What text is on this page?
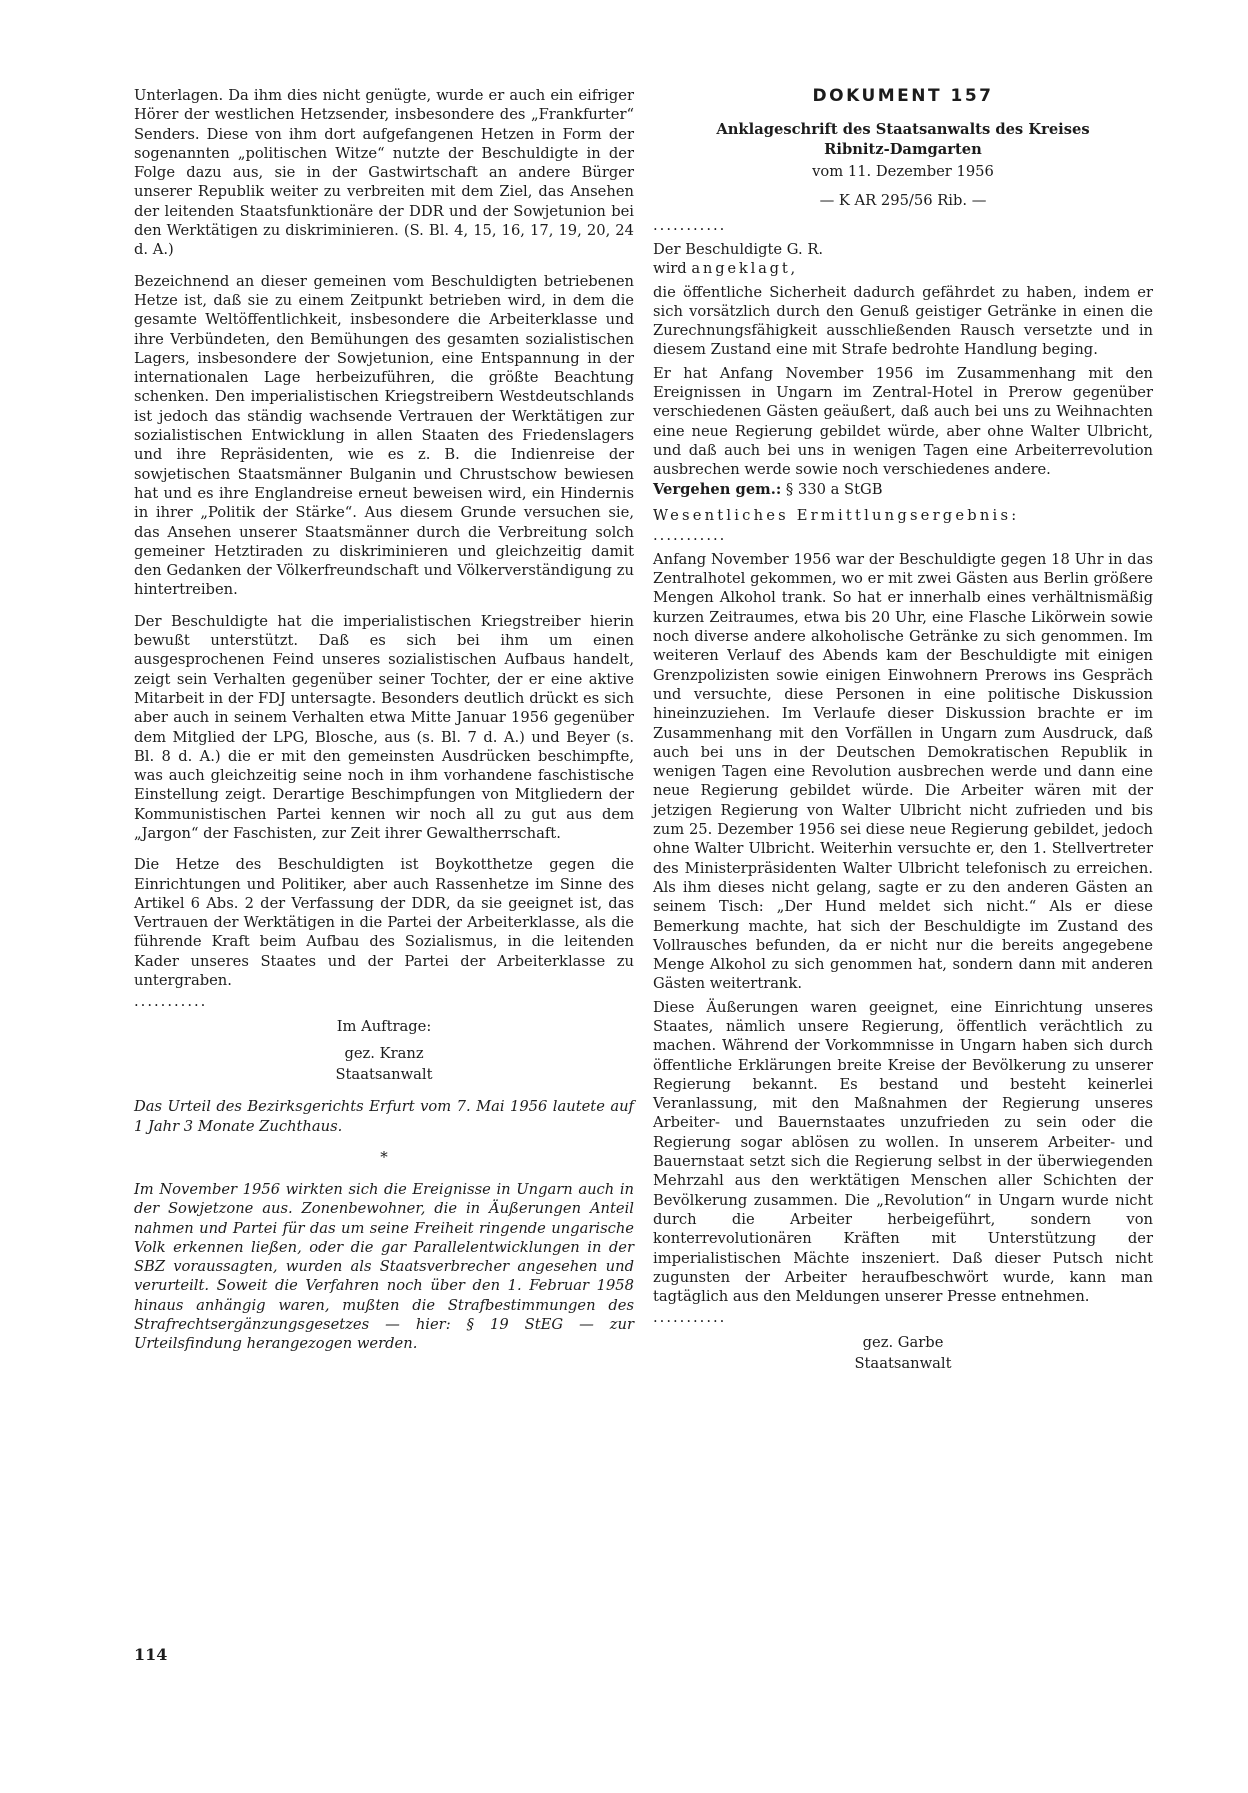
Unterlagen. Da ihm dies nicht genügte, wurde er auch ein eifriger Hörer der westlichen Hetzsender, insbesondere des „Frankfurter“ Senders. Diese von ihm dort aufgefangenen Hetzen in Form der sogenannten „politischen Witze“ nutzte der Beschuldigte in der Folge dazu aus, sie in der Gastwirtschaft an andere Bürger unserer Republik weiter zu verbreiten mit dem Ziel, das Ansehen der leitenden Staatsfunktionäre der DDR und der Sowjetunion bei den Werktätigen zu diskriminieren. (S. Bl. 4, 15, 16, 17, 19, 20, 24 d. A.)

Bezeichnend an dieser gemeinen vom Beschuldigten betriebenen Hetze ist, daß sie zu einem Zeitpunkt betrieben wird, in dem die gesamte Weltöffentlichkeit, insbesondere die Arbeiterklasse und ihre Verbündeten, den Bemühungen des gesamten sozialistischen Lagers, insbesondere der Sowjetunion, eine Entspannung in der internationalen Lage herbeizuführen, die größte Beachtung schenken. Den imperialistischen Kriegstreibern Westdeutschlands ist jedoch das ständig wachsende Vertrauen der Werktätigen zur sozialistischen Entwicklung in allen Staaten des Friedenslagers und ihre Repräsidenten, wie es z. B. die Indienreise der sowjetischen Staatsmänner Bulganin und Chrustschow bewiesen hat und es ihre Englandreise erneut beweisen wird, ein Hindernis in ihrer „Politik der Stärke“. Aus diesem Grunde versuchen sie, das Ansehen unserer Staatsmänner durch die Verbreitung solch gemeiner Hetztiraden zu diskriminieren und gleichzeitig damit den Gedanken der Völkerfreundschaft und Völkerverständigung zu hintertreiben.

Der Beschuldigte hat die imperialistischen Kriegstreiber hierin bewußt unterstützt. Daß es sich bei ihm um einen ausgesprochenen Feind unseres sozialistischen Aufbaus handelt, zeigt sein Verhalten gegenüber seiner Tochter, der er eine aktive Mitarbeit in der FDJ untersagte. Besonders deutlich drückt es sich aber auch in seinem Verhalten etwa Mitte Januar 1956 gegenüber dem Mitglied der LPG, Blosche, aus (s. Bl. 7 d. A.) und Beyer (s. Bl. 8 d. A.) die er mit den gemeinsten Ausdrücken beschimpfte, was auch gleichzeitig seine noch in ihm vorhandene faschistische Einstellung zeigt. Derartige Beschimpfungen von Mitgliedern der Kommunistischen Partei kennen wir noch all zu gut aus dem „Jargon“ der Faschisten, zur Zeit ihrer Gewaltherrschaft.

Die Hetze des Beschuldigten ist Boykotthetze gegen die Einrichtungen und Politiker, aber auch Rassenhetze im Sinne des Artikel 6 Abs. 2 der Verfassung der DDR, da sie geeignet ist, das Vertrauen der Werktätigen in die Partei der Arbeiterklasse, als die führende Kraft beim Aufbau des Sozialismus, in die leitenden Kader unseres Staates und der Partei der Arbeiterklasse zu untergraben.

...........
Im Auftrage:
gez. Kranz
Staatsanwalt

Das Urteil des Bezirksgerichts Erfurt vom 7. Mai 1956 lautete auf 1 Jahr 3 Monate Zuchthaus.

*

Im November 1956 wirkten sich die Ereignisse in Ungarn auch in der Sowjetzone aus. Zonenbewohner, die in Äußerungen Anteil nahmen und Partei für das um seine Freiheit ringende ungarische Volk erkennen ließen, oder die gar Parallelentwicklungen in der SBZ voraussagten, wurden als Staatsverbrecher angesehen und verurteilt. Soweit die Verfahren noch über den 1. Februar 1958 hinaus anhängig waren, mußten die Strafbestimmungen des Strafrechtsergänzungsgesetzes — hier: § 19 StEG — zur Urteilsfindung herangezogen werden.

DOKUMENT 157
Anklageschrift des Staatsanwalts des Kreises
Ribnitz-Damgarten
vom 11. Dezember 1956
— K AR 295/56 Rib. —
...........

Der Beschuldigte G. R.

wird angeklagt,

die öffentliche Sicherheit dadurch gefährdet zu haben, indem er sich vorsätzlich durch den Genuß geistiger Getränke in einen die Zurechnungsfähigkeit ausschließenden Rausch versetzte und in diesem Zustand eine mit Strafe bedrohte Handlung beging.

Er hat Anfang November 1956 im Zusammenhang mit den Ereignissen in Ungarn im Zentral-Hotel in Prerow gegenüber verschiedenen Gästen geäußert, daß auch bei uns zu Weihnachten eine neue Regierung gebildet würde, aber ohne Walter Ulbricht, und daß auch bei uns in wenigen Tagen eine Arbeiterrevolution ausbrechen werde sowie noch verschiedenes andere.

Vergehen gem.: § 330 a StGB

Wesentliches Ermittlungsergebnis:
...........

Anfang November 1956 war der Beschuldigte gegen 18 Uhr in das Zentralhotel gekommen, wo er mit zwei Gästen aus Berlin größere Mengen Alkohol trank. So hat er innerhalb eines verhältnismäßig kurzen Zeitraumes, etwa bis 20 Uhr, eine Flasche Likörwein sowie noch diverse andere alkoholische Getränke zu sich genommen. Im weiteren Verlauf des Abends kam der Beschuldigte mit einigen Grenzpolizisten sowie einigen Einwohnern Prerows ins Gespräch und versuchte, diese Personen in eine politische Diskussion hineinzuziehen. Im Verlaufe dieser Diskussion brachte er im Zusammenhang mit den Vorfällen in Ungarn zum Ausdruck, daß auch bei uns in der Deutschen Demokratischen Republik in wenigen Tagen eine Revolution ausbrechen werde und dann eine neue Regierung gebildet würde. Die Arbeiter wären mit der jetzigen Regierung von Walter Ulbricht nicht zufrieden und bis zum 25. Dezember 1956 sei diese neue Regierung gebildet, jedoch ohne Walter Ulbricht. Weiterhin versuchte er, den 1. Stellvertreter des Ministerpräsidenten Walter Ulbricht telefonisch zu erreichen. Als ihm dieses nicht gelang, sagte er zu den anderen Gästen an seinem Tisch: „Der Hund meldet sich nicht.“ Als er diese Bemerkung machte, hat sich der Beschuldigte im Zustand des Vollrausches befunden, da er nicht nur die bereits angegebene Menge Alkohol zu sich genommen hat, sondern dann mit anderen Gästen weitertrank.

Diese Äußerungen waren geeignet, eine Einrichtung unseres Staates, nämlich unsere Regierung, öffentlich verächtlich zu machen. Während der Vorkommnisse in Ungarn haben sich durch öffentliche Erklärungen breite Kreise der Bevölkerung zu unserer Regierung bekannt. Es bestand und besteht keinerlei Veranlassung, mit den Maßnahmen der Regierung unseres Arbeiter- und Bauernstaates unzufrieden zu sein oder die Regierung sogar ablösen zu wollen. In unserem Arbeiter- und Bauernstaat setzt sich die Regierung selbst in der überwiegenden Mehrzahl aus den werktätigen Menschen aller Schichten der Bevölkerung zusammen. Die „Revolution“ in Ungarn wurde nicht durch die Arbeiter herbeigeführt, sondern von konterrevolutionären Kräften mit Unterstützung der imperialistischen Mächte inszeniert. Daß dieser Putsch nicht zugunsten der Arbeiter heraufbeschwört wurde, kann man tagtäglich aus den Meldungen unserer Presse entnehmen.

...........
gez. Garbe
Staatsanwalt
114
